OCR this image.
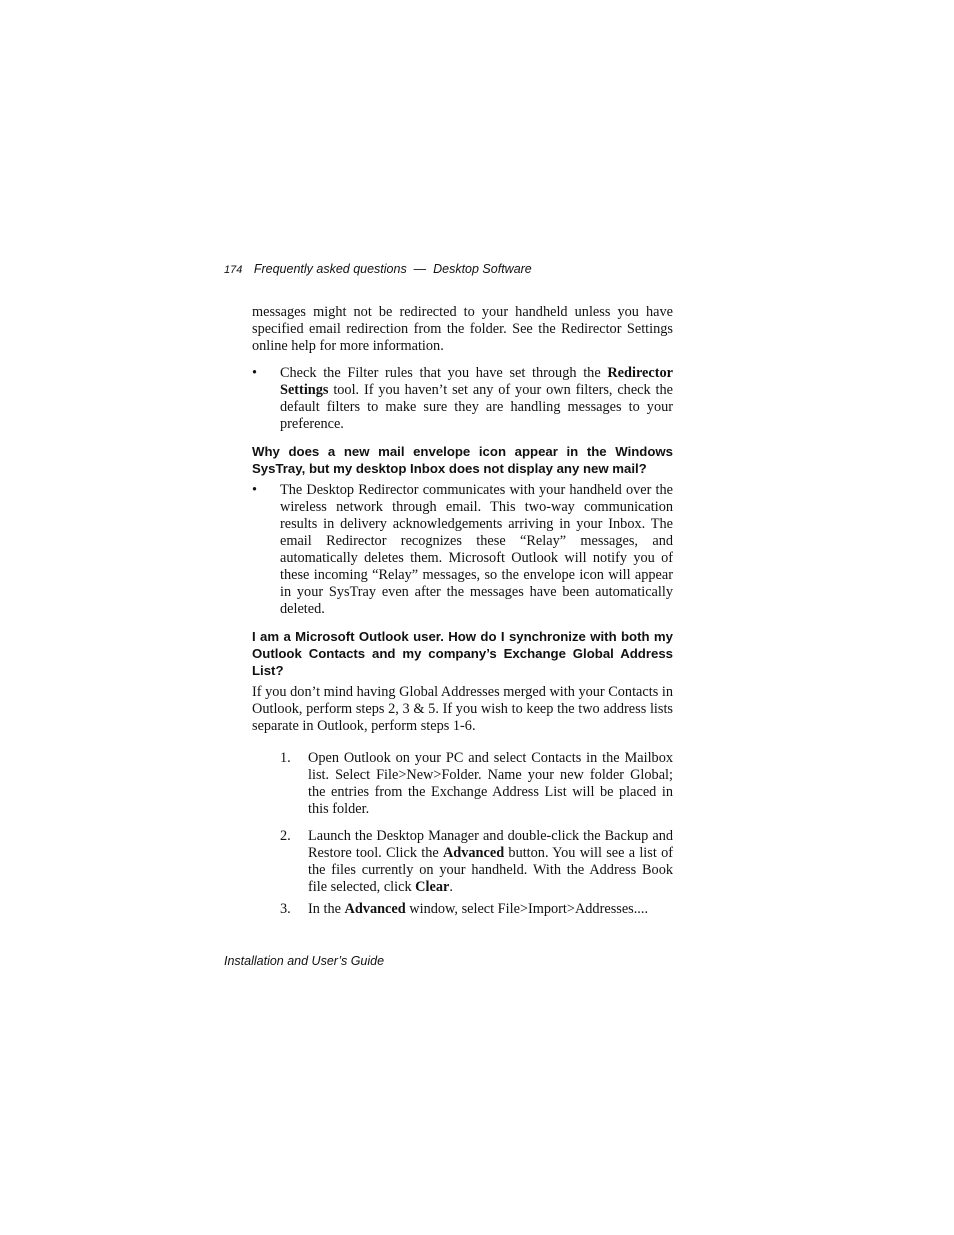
174 Frequently asked questions  —  Desktop Software

messages might not be redirected to your handheld unless you have specified email redirection from the folder. See the Redirector Settings online help for more information.

• Check the Filter rules that you have set through the Redirector Settings tool. If you haven’t set any of your own filters, check the default filters to make sure they are handling messages to your preference.

Why does a new mail envelope icon appear in the Windows SysTray, but my desktop Inbox does not display any new mail?

• The Desktop Redirector communicates with your handheld over the wireless network through email. This two-way communication results in delivery acknowledgements arriving in your Inbox. The email Redirector recognizes these “Relay” messages, and automatically deletes them. Microsoft Outlook will notify you of these incoming “Relay” messages, so the envelope icon will appear in your SysTray even after the messages have been automatically deleted.

I am a Microsoft Outlook user. How do I synchronize with both my Outlook Contacts and my company’s Exchange Global Address List?

If you don’t mind having Global Addresses merged with your Contacts in Outlook, perform steps 2, 3 & 5. If you wish to keep the two address lists separate in Outlook, perform steps 1-6.

1. Open Outlook on your PC and select Contacts in the Mailbox list. Select File>New>Folder. Name your new folder Global; the entries from the Exchange Address List will be placed in this folder.

2. Launch the Desktop Manager and double-click the Backup and Restore tool. Click the Advanced button. You will see a list of the files currently on your handheld. With the Address Book file selected, click Clear.

3. In the Advanced window, select File>Import>Addresses....

Installation and User’s Guide
